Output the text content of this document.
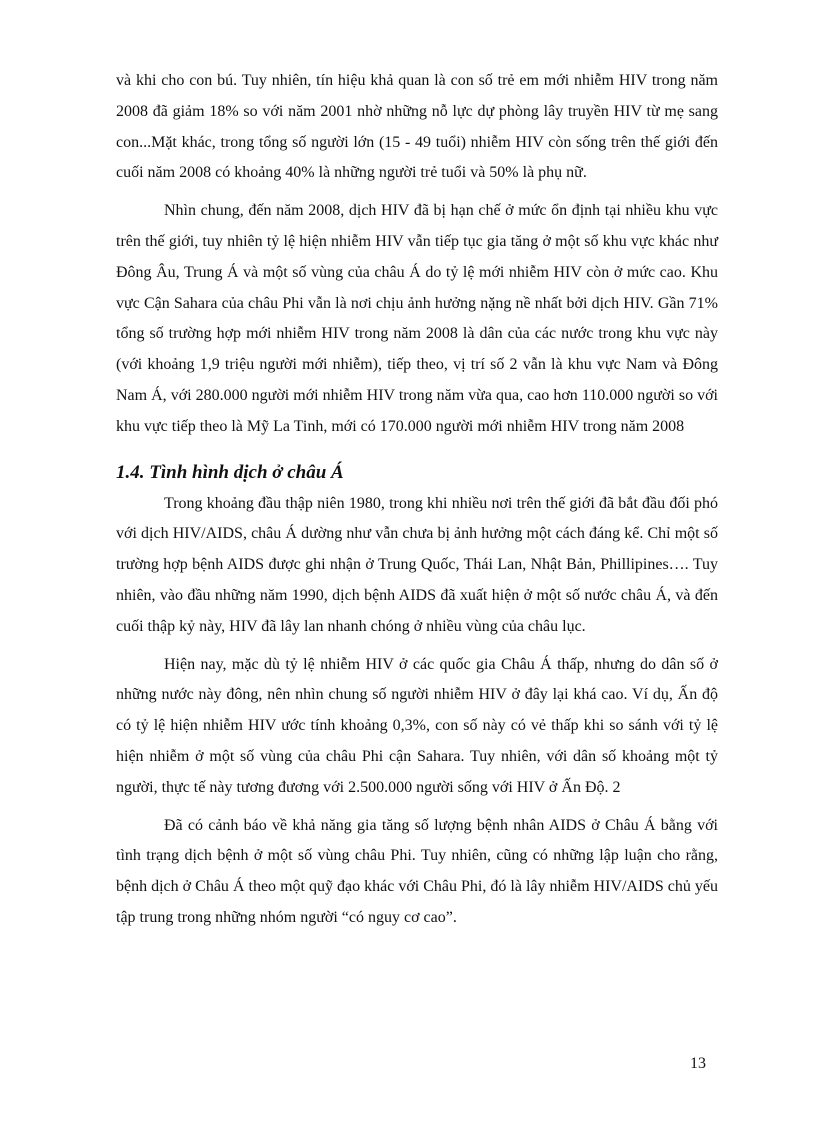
và khi cho con bú. Tuy nhiên, tín hiệu khả quan là con số trẻ em mới nhiễm HIV trong năm 2008 đã giảm 18% so với năm 2001 nhờ những nỗ lực dự phòng lây truyền HIV từ mẹ sang con...Mặt khác, trong tổng số người lớn (15 - 49 tuổi) nhiễm HIV còn sống trên thế giới đến cuối năm 2008 có khoảng 40% là những người trẻ tuổi và 50% là phụ nữ.

Nhìn chung, đến năm 2008, dịch HIV đã bị hạn chế ở mức ổn định tại nhiều khu vực trên thế giới, tuy nhiên tỷ lệ hiện nhiễm HIV vẫn tiếp tục gia tăng ở một số khu vực khác như Đông Âu, Trung Á và một số vùng của châu Á do tỷ lệ mới nhiễm HIV còn ở mức cao. Khu vực Cận Sahara của châu Phi vẫn là nơi chịu ảnh hưởng nặng nề nhất bởi dịch HIV. Gần 71% tổng số trường hợp mới nhiễm HIV trong năm 2008 là dân của các nước trong khu vực này (với khoảng 1,9 triệu người mới nhiễm), tiếp theo, vị trí số 2 vẫn là khu vực Nam và Đông Nam Á, với 280.000 người mới nhiễm HIV trong năm vừa qua, cao hơn 110.000 người so với khu vực tiếp theo là Mỹ La Tinh, mới có 170.000 người mới nhiễm HIV trong năm 2008

1.4. Tình hình dịch ở châu Á

Trong khoảng đầu thập niên 1980, trong khi nhiều nơi trên thế giới đã bắt đầu đối phó với dịch HIV/AIDS, châu Á dường như vẫn chưa bị ảnh hưởng một cách đáng kể. Chỉ một số trường hợp bệnh AIDS được ghi nhận ở Trung Quốc, Thái Lan, Nhật Bản, Phillipines…. Tuy nhiên, vào đầu những năm 1990, dịch bệnh AIDS đã xuất hiện ở một số nước châu Á, và đến cuối thập kỷ này, HIV đã lây lan nhanh chóng ở nhiều vùng của châu lục.

Hiện nay, mặc dù tỷ lệ nhiễm HIV ở các quốc gia Châu Á thấp, nhưng do dân số ở những nước này đông, nên nhìn chung số người nhiễm HIV ở đây lại khá cao. Ví dụ, Ấn độ có tỷ lệ hiện nhiễm HIV ước tính khoảng 0,3%, con số này có vẻ thấp khi so sánh với tỷ lệ hiện nhiễm ở một số vùng của châu Phi cận Sahara. Tuy nhiên, với dân số khoảng một tỷ người, thực tế này tương đương với 2.500.000 người sống với HIV ở Ấn Độ. 2

Đã có cảnh báo về khả năng gia tăng số lượng bệnh nhân AIDS ở Châu Á bằng với tình trạng dịch bệnh ở một số vùng châu Phi. Tuy nhiên, cũng có những lập luận cho rằng, bệnh dịch ở Châu Á theo một quỹ đạo khác với Châu Phi, đó là lây nhiễm HIV/AIDS chủ yếu tập trung trong những nhóm người “có nguy cơ cao”.

13
